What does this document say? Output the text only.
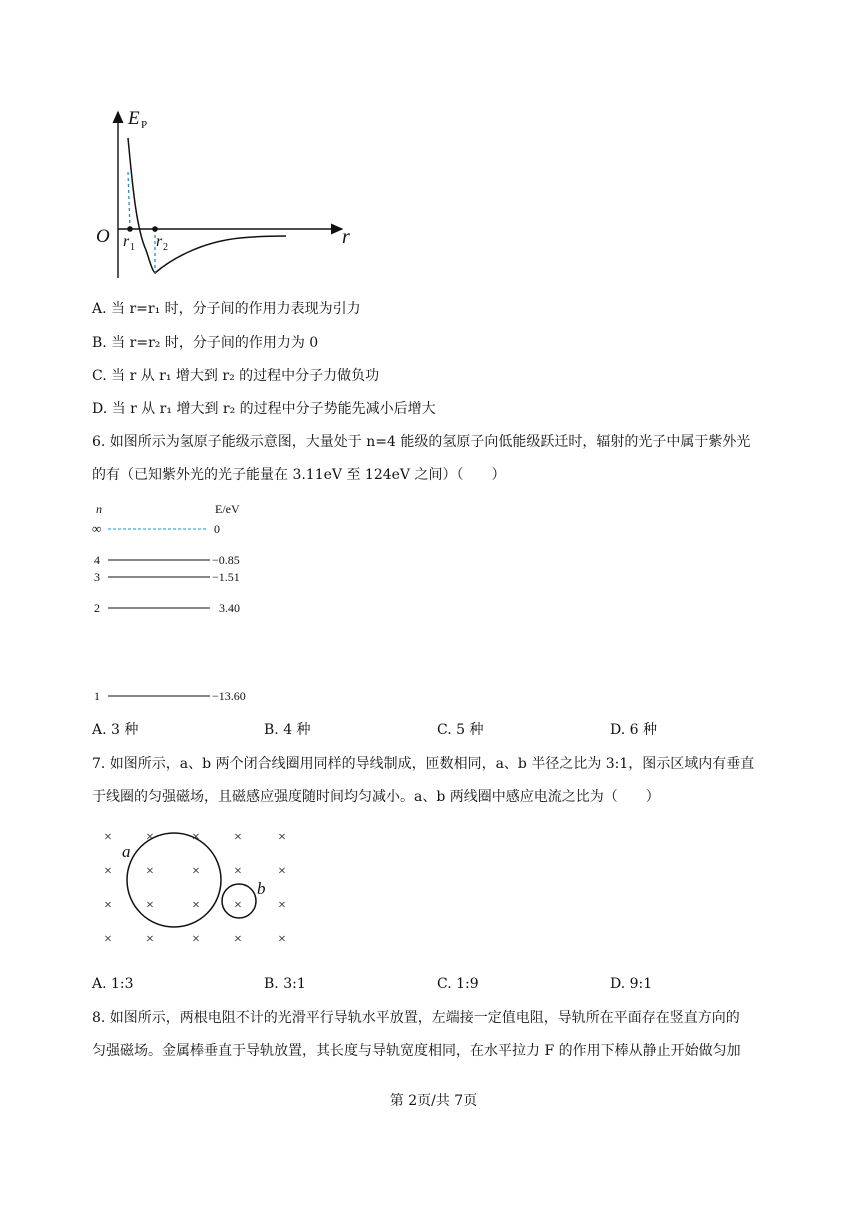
E P
r
O r 1 r 2
A. 当 r=r₁ 时，分子间的作用力表现为引力
B. 当 r=r₂ 时，分子间的作用力为 0
C. 当 r 从 r₁ 增大到 r₂ 的过程中分子力做负功
D. 当 r 从 r₁ 增大到 r₂ 的过程中分子势能先减小后增大
6. 如图所示为氢原子能级示意图，大量处于 n=4 能级的氢原子向低能级跃迁时，辐射的光子中属于紫外光
的有（已知紫外光的光子能量在 3.11eV 至 124eV 之间）（　　）
n	E/eV
∞	0
4	−0.85
3	−1.51
2	3.40
1	−13.60
A. 3 种	B. 4 种	C. 5 种	D. 6 种
7. 如图所示，a、b 两个闭合线圈用同样的导线制成，匝数相同，a、b 半径之比为 3:1，图示区域内有垂直
于线圈的匀强磁场，且磁感应强度随时间均匀减小。a、b 两线圈中感应电流之比为（　　）
× ×	× ×	×
× ×	× ×	×
× ×	× ×	×
× ×	× ×	×
a
b
A. 1:3	B. 3:1	C. 1:9	D. 9:1
8. 如图所示，两根电阻不计的光滑平行导轨水平放置，左端接一定值电阻，导轨所在平面存在竖直方向的
匀强磁场。金属棒垂直于导轨放置，其长度与导轨宽度相同，在水平拉力 F 的作用下棒从静止开始做匀加
第 2页/共 7页
